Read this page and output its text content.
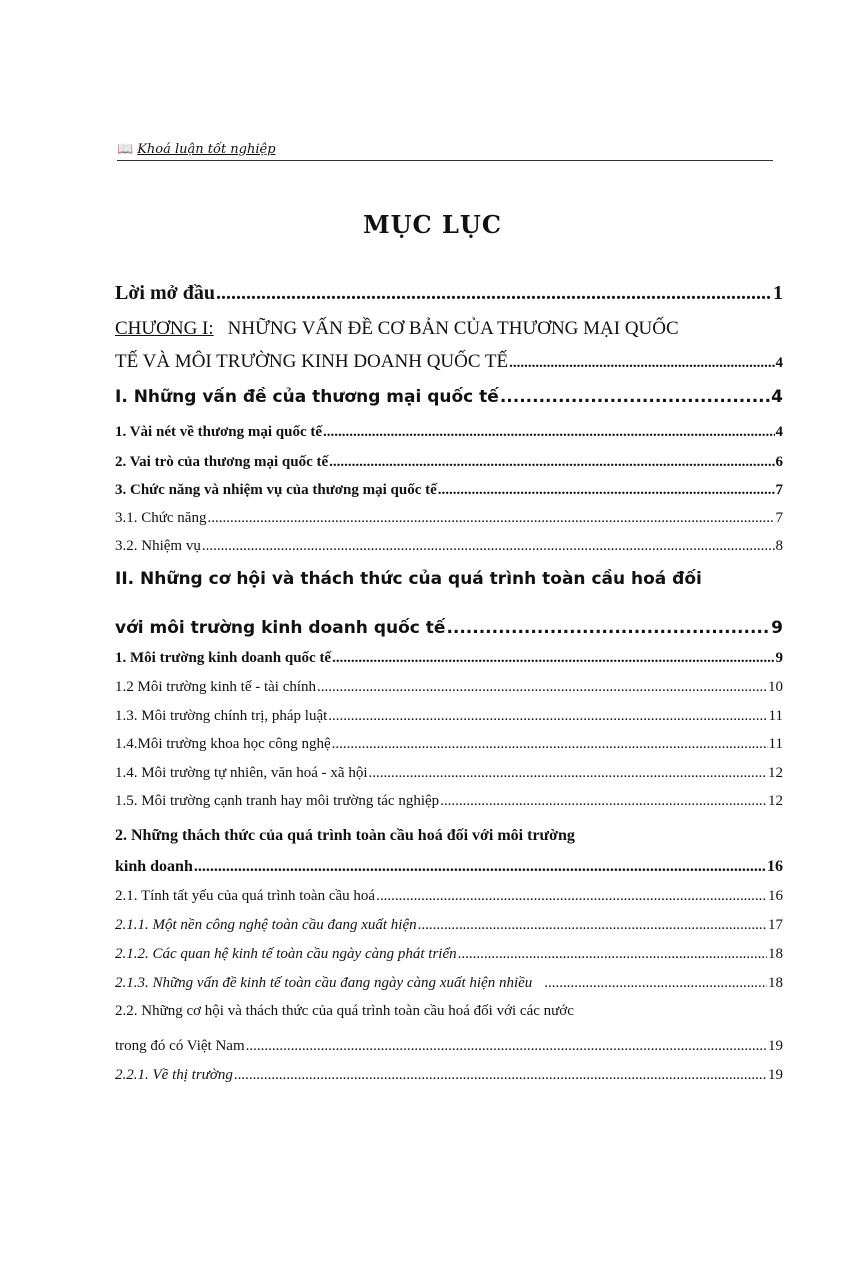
📖 Khoá luận tốt nghiệp
MỤC LỤC
Lời mở đầu .....	1
CHƯƠNG I: NHỮNG VẤN ĐỀ CƠ BẢN CỦA THƯƠNG MẠI QUỐC
TẾ VÀ MÔI TRƯỜNG KINH DOANH QUỐC TẾ .....	4
I. Những vấn đề của thương mại quốc tế .....	4
1. Vài nét về thương mại quốc tế .....	4
2. Vai trò của thương mại quốc tế .....	6
3. Chức năng và nhiệm vụ của thương mại quốc tế .....	7
3.1. Chức năng .....	7
3.2. Nhiệm vụ .....	8
II. Những cơ hội và thách thức của quá trình toàn cầu hoá đối
với môi trường kinh doanh quốc tế .....	9
1. Môi trường kinh doanh quốc tế .....	9
1.2 Môi trường kinh tế - tài chính .....	10
1.3. Môi trường chính trị, pháp luật .....	11
1.4.Môi trường khoa học công nghệ .....	11
1.4. Môi trường tự nhiên, văn hoá - xã hội .....	12
1.5. Môi trường cạnh tranh hay môi trường tác nghiệp .....	12
2. Những thách thức của quá trình toàn cầu hoá đối với môi trường
kinh doanh .....	16
2.1. Tính tất yếu của quá trình toàn cầu hoá .....	16
2.1.1. Một nền công nghệ toàn cầu đang xuất hiện .....	17
2.1.2. Các quan hệ kinh tế toàn cầu ngày càng phát triển .....	18
2.1.3. Những vấn đề kinh tế toàn cầu đang ngày càng xuất hiện nhiều .....	18
2.2. Những cơ hội và thách thức của quá trình toàn cầu hoá đối với các nước
trong đó có Việt Nam .....	19
2.2.1. Về thị trường .....	19
